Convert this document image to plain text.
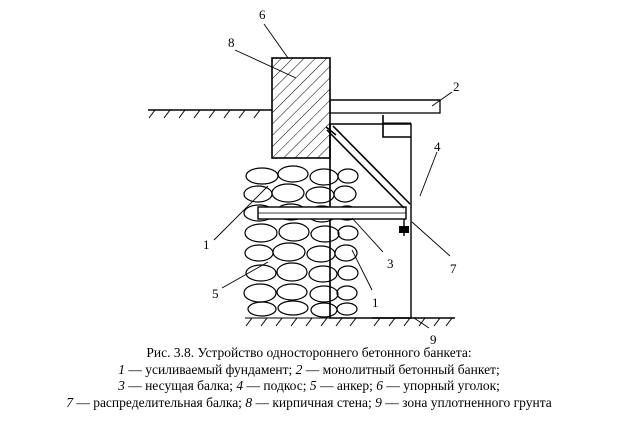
6
8
2
4
1
3	7
5
1
9
Рис. 3.8. Устройство одностороннего бетонного банкета:
1 — усиливаемый фундамент; 2 — монолитный бетонный банкет;
3 — несущая балка; 4 — подкос; 5 — анкер; 6 — упорный уголок;
7 — распределительная балка; 8 — кирпичная стена; 9 — зона уплотненного грунта
